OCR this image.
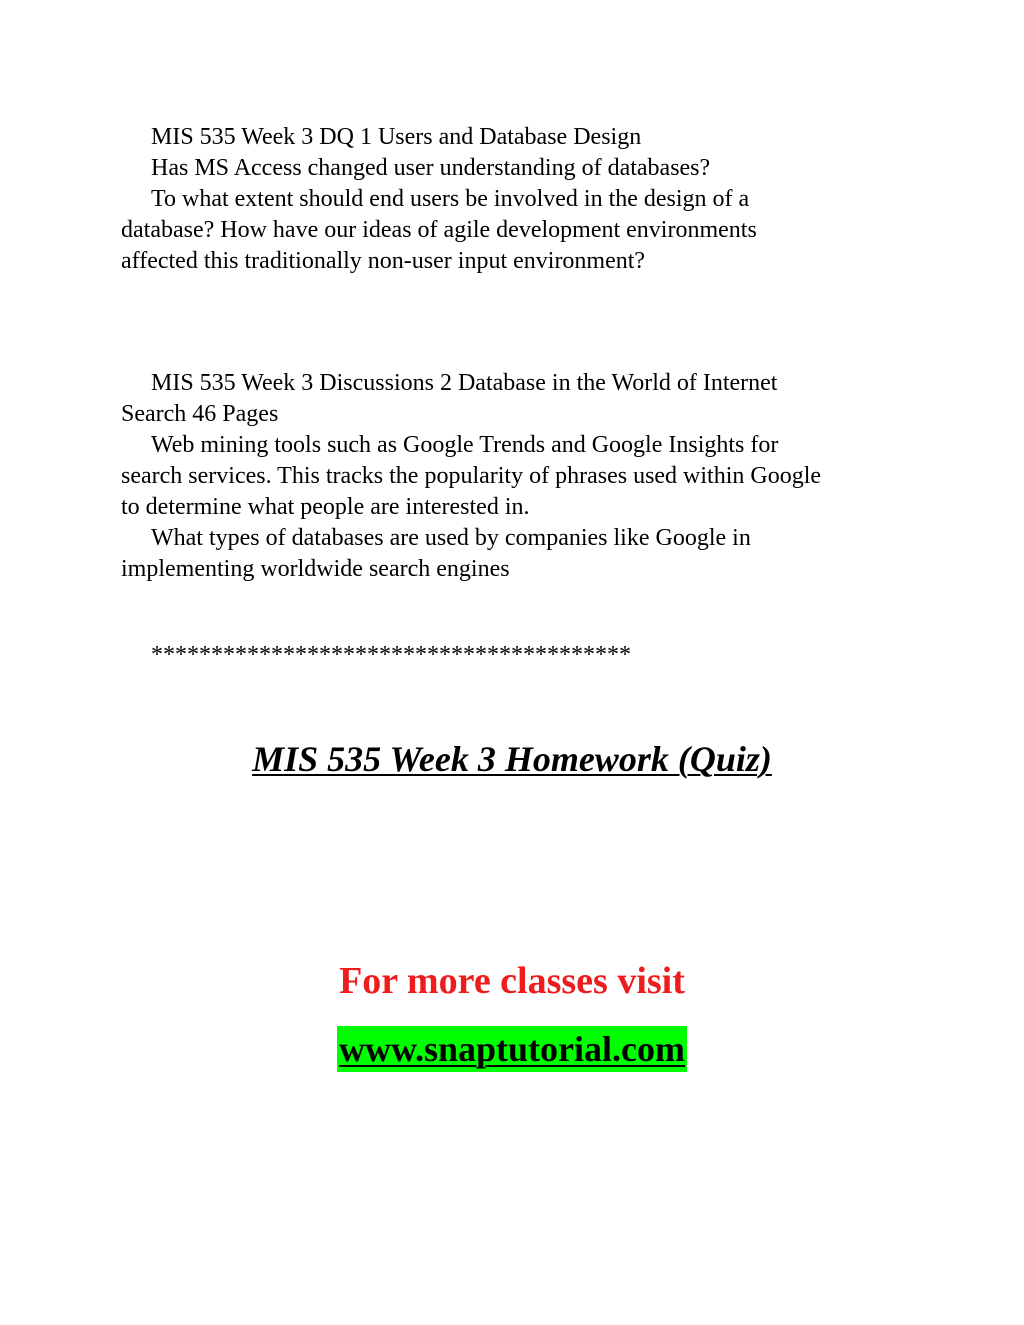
MIS 535 Week 3 DQ 1 Users and Database Design

Has MS Access changed user understanding of databases?

To what extent should end users be involved in the design of a
database? How have our ideas of agile development environments
affected this traditionally non-user input environment?

MIS 535 Week 3 Discussions 2 Database in the World of Internet
Search 46 Pages

Web mining tools such as Google Trends and Google Insights for
search services. This tracks the popularity of phrases used within Google
to determine what people are interested in.

What types of databases are used by companies like Google in
implementing worldwide search engines

****************************************

MIS 535 Week 3 Homework (Quiz)
For more classes visit

www.snaptutorial.com
